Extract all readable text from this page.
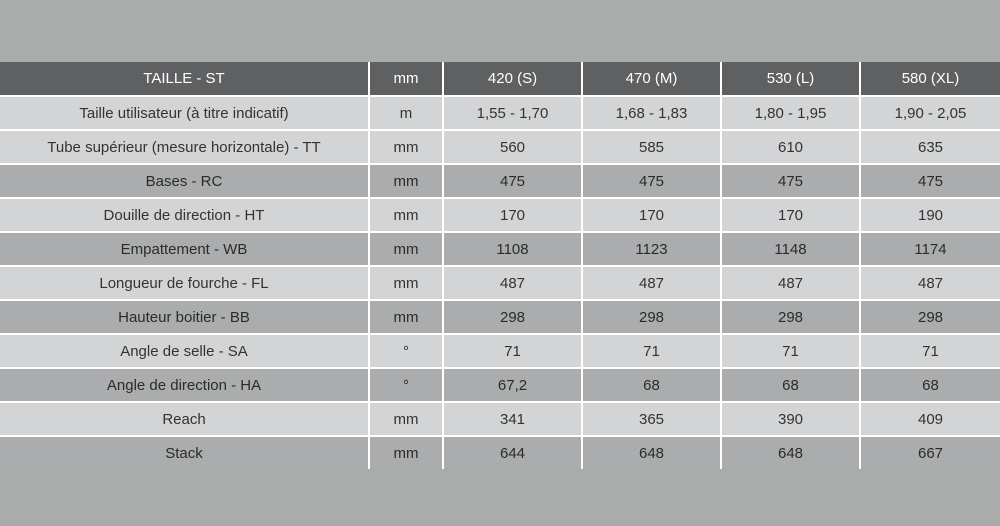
TAILLE - ST	mm	420 (S)	470 (M)	530 (L)	580 (XL)
Taille utilisateur (à titre indicatif)	m	1,55 - 1,70	1,68 - 1,83	1,80 - 1,95	1,90 - 2,05
Tube supérieur (mesure horizontale) - TT	mm	560	585	610	635
Bases - RC	mm	475	475	475	475
Douille de direction - HT	mm	170	170	170	190
Empattement - WB	mm	1108	1123	1148	1174
Longueur de fourche - FL	mm	487	487	487	487
Hauteur boitier - BB	mm	298	298	298	298
Angle de selle - SA	°	71	71	71	71
Angle de direction - HA	°	67,2	68	68	68
Reach	mm	341	365	390	409
Stack	mm	644	648	648	667
